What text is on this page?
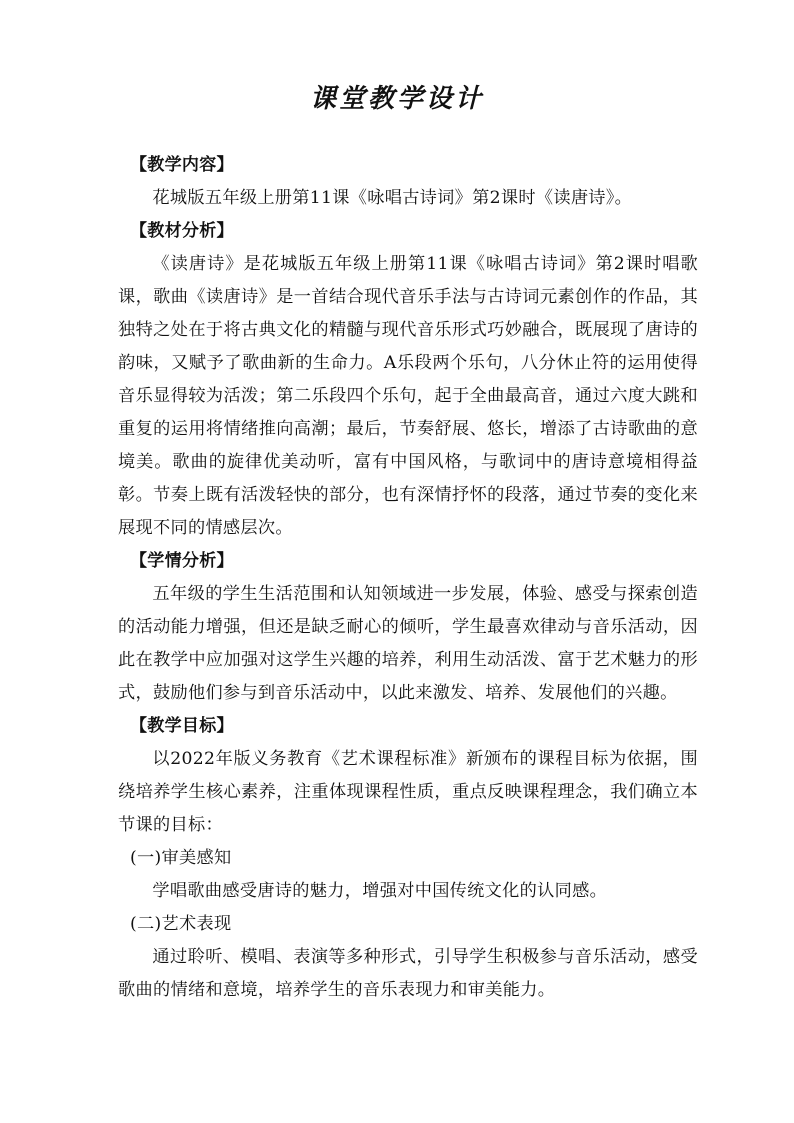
课堂教学设计

【教学内容】

花城版五年级上册第11课《咏唱古诗词》第2课时《读唐诗》。

【教材分析】

《读唐诗》是花城版五年级上册第11课《咏唱古诗词》第2课时唱歌课，歌曲《读唐诗》是一首结合现代音乐手法与古诗词元素创作的作品，其独特之处在于将古典文化的精髓与现代音乐形式巧妙融合，既展现了唐诗的韵味，又赋予了歌曲新的生命力。A乐段两个乐句，八分休止符的运用使得音乐显得较为活泼；第二乐段四个乐句，起于全曲最高音，通过六度大跳和重复的运用将情绪推向高潮；最后，节奏舒展、悠长，增添了古诗歌曲的意境美。歌曲的旋律优美动听，富有中国风格，与歌词中的唐诗意境相得益彰。节奏上既有活泼轻快的部分，也有深情抒怀的段落，通过节奏的变化来展现不同的情感层次。

【学情分析】

五年级的学生生活范围和认知领域进一步发展，体验、感受与探索创造的活动能力增强，但还是缺乏耐心的倾听，学生最喜欢律动与音乐活动，因此在教学中应加强对这学生兴趣的培养，利用生动活泼、富于艺术魅力的形式，鼓励他们参与到音乐活动中，以此来激发、培养、发展他们的兴趣。

【教学目标】

以2022年版义务教育《艺术课程标准》新颁布的课程目标为依据，围绕培养学生核心素养，注重体现课程性质，重点反映课程理念，我们确立本节课的目标：

(一)审美感知

学唱歌曲感受唐诗的魅力，增强对中国传统文化的认同感。

(二)艺术表现

通过聆听、模唱、表演等多种形式，引导学生积极参与音乐活动，感受歌曲的情绪和意境，培养学生的音乐表现力和审美能力。
